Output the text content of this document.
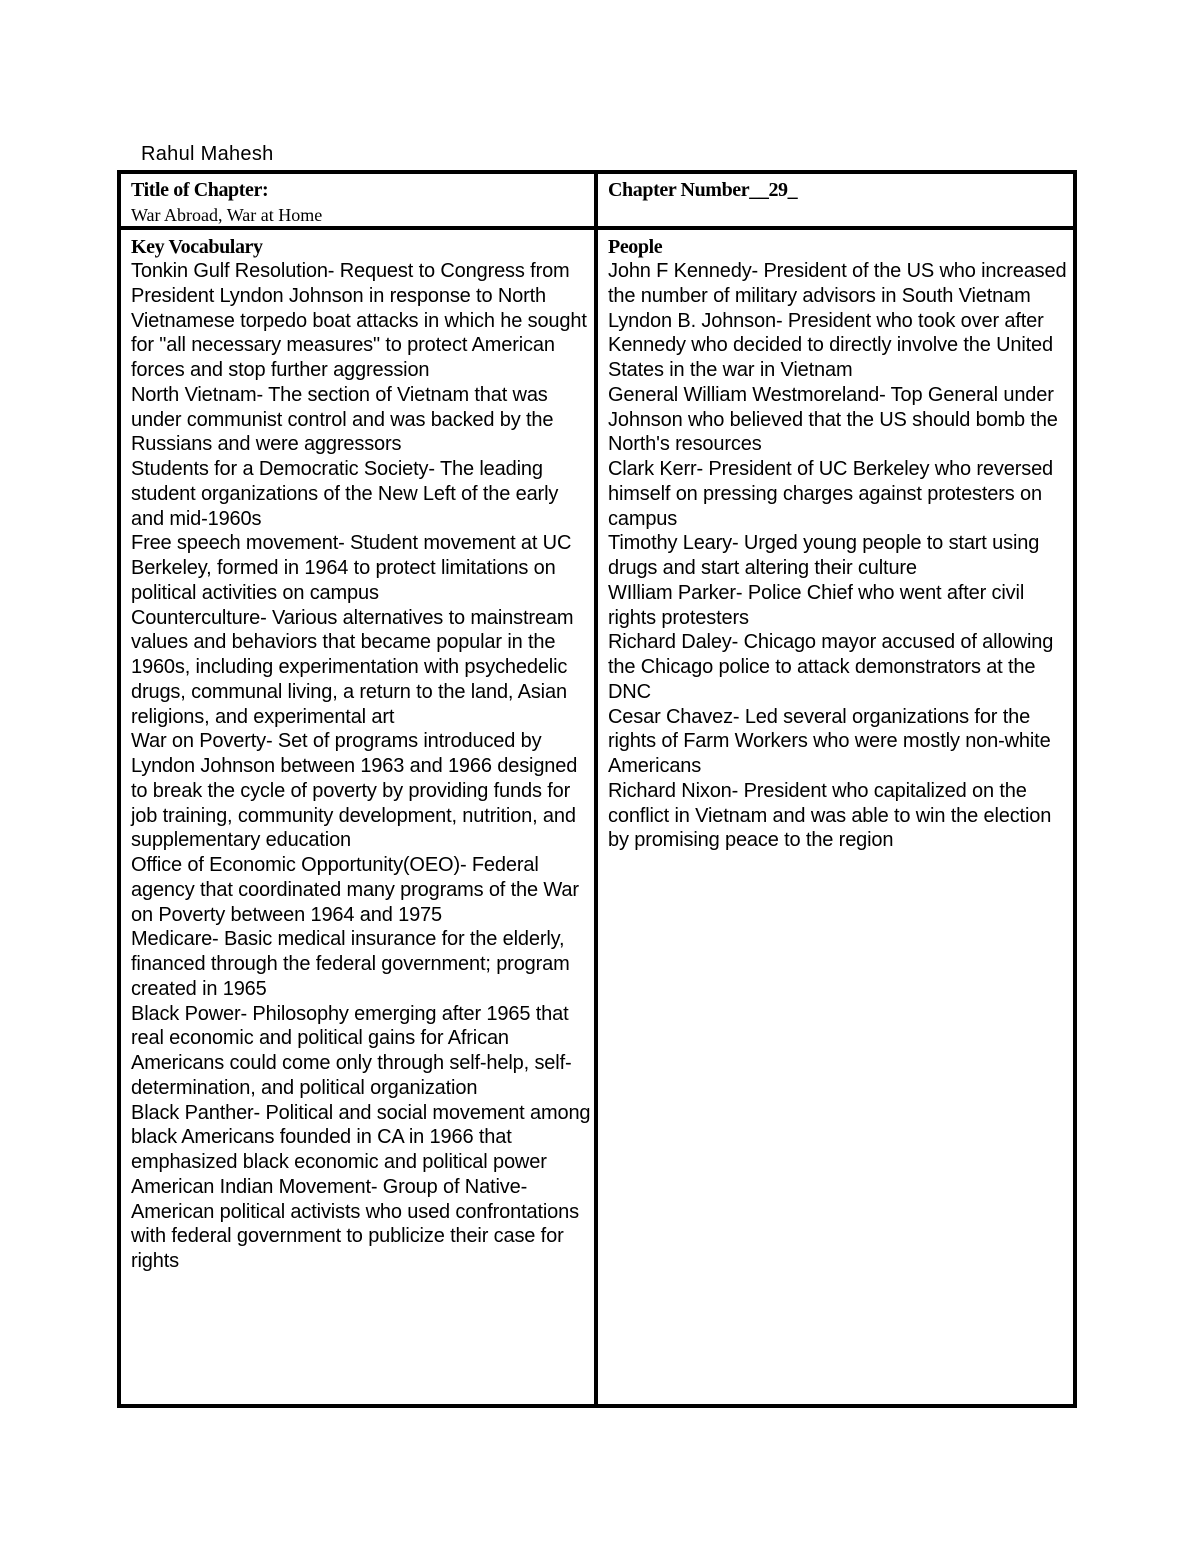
Rahul Mahesh
Title of Chapter:
War Abroad, War at Home
Chapter Number__29_
Key Vocabulary

Tonkin Gulf Resolution- Request to Congress from President Lyndon Johnson in response to North Vietnamese torpedo boat attacks in which he sought for "all necessary measures" to protect American forces and stop further aggression

North Vietnam- The section of Vietnam that was under communist control and was backed by the Russians and were aggressors

Students for a Democratic Society- The leading student organizations of the New Left of the early and mid-1960s

Free speech movement- Student movement at UC Berkeley, formed in 1964 to protect limitations on political activities on campus

Counterculture- Various alternatives to mainstream values and behaviors that became popular in the 1960s, including experimentation with psychedelic drugs, communal living, a return to the land, Asian religions, and experimental art

War on Poverty- Set of programs introduced by Lyndon Johnson between 1963 and 1966 designed to break the cycle of poverty by providing funds for job training, community development, nutrition, and supplementary education

Office of Economic Opportunity(OEO)- Federal agency that coordinated many programs of the War on Poverty between 1964 and 1975

Medicare- Basic medical insurance for the elderly, financed through the federal government; program created in 1965

Black Power- Philosophy emerging after 1965 that real economic and political gains for African Americans could come only through self-help, self-determination, and political organization

Black Panther- Political and social movement among black Americans founded in CA in 1966 that emphasized black economic and political power

American Indian Movement- Group of Native-American political activists who used confrontations with federal government to publicize their case for rights

People

John F Kennedy- President of the US who increased the number of military advisors in South Vietnam

Lyndon B. Johnson- President who took over after Kennedy who decided to directly involve the United States in the war in Vietnam

General William Westmoreland- Top General under Johnson who believed that the US should bomb the North's resources

Clark Kerr- President of UC Berkeley who reversed himself on pressing charges against protesters on campus

Timothy Leary- Urged young people to start using drugs and start altering their culture

WIlliam Parker- Police Chief who went after civil rights protesters

Richard Daley- Chicago mayor accused of allowing the Chicago police to attack demonstrators at the DNC

Cesar Chavez- Led several organizations for the rights of Farm Workers who were mostly non-white Americans

Richard Nixon- President who capitalized on the conflict in Vietnam and was able to win the election by promising peace to the region
